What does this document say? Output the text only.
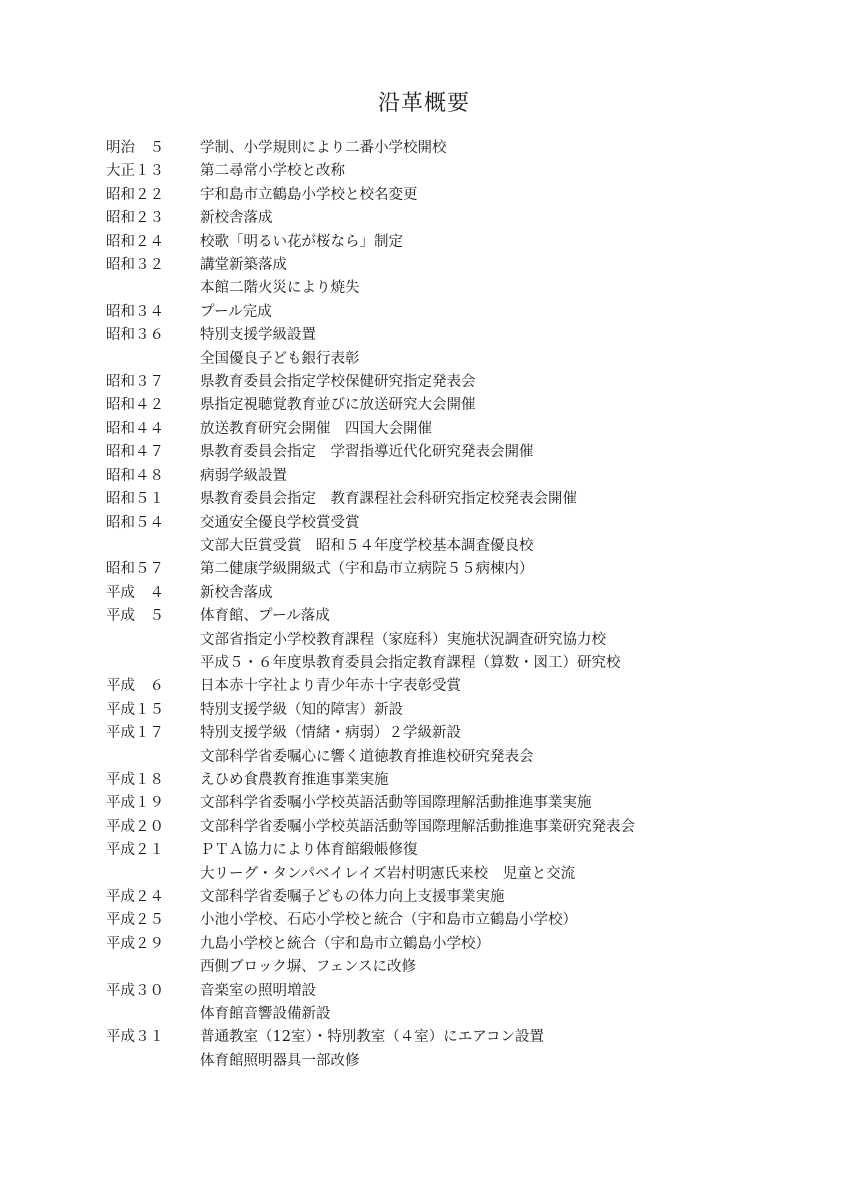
沿革概要
明治　５	学制、小学規則により二番小学校開校
大正１３	第二尋常小学校と改称
昭和２２	宇和島市立鶴島小学校と校名変更
昭和２３	新校舎落成
昭和２４	校歌「明るい花が桜なら」制定
昭和３２	講堂新築落成
本館二階火災により焼失
昭和３４	プール完成
昭和３６	特別支援学級設置
全国優良子ども銀行表彰
昭和３７	県教育委員会指定学校保健研究指定発表会
昭和４２	県指定視聴覚教育並びに放送研究大会開催
昭和４４	放送教育研究会開催　四国大会開催
昭和４７	県教育委員会指定　学習指導近代化研究発表会開催
昭和４８	病弱学級設置
昭和５１	県教育委員会指定　教育課程社会科研究指定校発表会開催
昭和５４	交通安全優良学校賞受賞
文部大臣賞受賞　昭和５４年度学校基本調査優良校
昭和５７	第二健康学級開級式（宇和島市立病院５５病棟内）
平成　４	新校舎落成
平成　５	体育館、プール落成
文部省指定小学校教育課程（家庭科）実施状況調査研究協力校
平成５・６年度県教育委員会指定教育課程（算数・図工）研究校
平成　６	日本赤十字社より青少年赤十字表彰受賞
平成１５	特別支援学級（知的障害）新設
平成１７	特別支援学級（情緒・病弱）２学級新設
文部科学省委嘱心に響く道徳教育推進校研究発表会
平成１８	えひめ食農教育推進事業実施
平成１９	文部科学省委嘱小学校英語活動等国際理解活動推進事業実施
平成２０	文部科学省委嘱小学校英語活動等国際理解活動推進事業研究発表会
平成２１	ＰＴＡ協力により体育館緞帳修復
大リーグ・タンパベイレイズ岩村明憲氏来校　児童と交流
平成２４	文部科学省委嘱子どもの体力向上支援事業実施
平成２５	小池小学校、石応小学校と統合（宇和島市立鶴島小学校）
平成２９	九島小学校と統合（宇和島市立鶴島小学校）
西側ブロック塀、フェンスに改修
平成３０	音楽室の照明増設
体育館音響設備新設
平成３１	普通教室（12室）・特別教室（４室）にエアコン設置
体育館照明器具一部改修
